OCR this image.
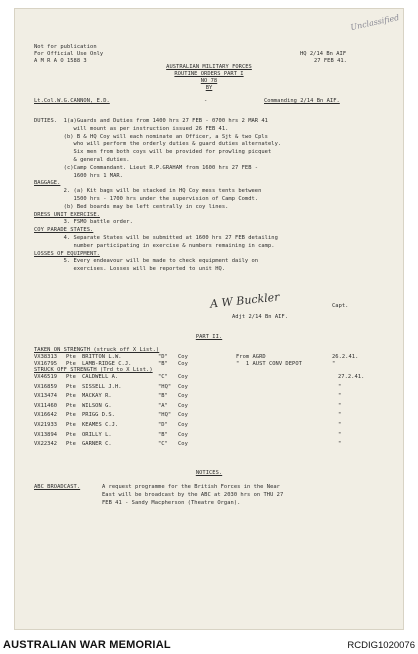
Unclassified
Not for publication
For Official Use Only
A M R A O 1588 3
HQ 2/14 Bn AIF
27 FEB 41.
AUSTRALIAN MILITARY FORCES
ROUTINE ORDERS PART I
NO 78
BY
Lt.Col.W.G.CANNON, E.D.	-	Commanding 2/14 Bn AIF.
DUTIES.  1(a)Guards and Duties from 1400 hrs 27 FEB - 0700 hrs 2 MAR 41
will mount as per instruction issued 26 FEB 41.
(b) B & HQ Coy will each nominate an Officer, a Sjt & two Cpls
who will perform the orderly duties & guard duties alternately.
Six men from both coys will be provided for prowling picquet
& general duties.
(c)Camp Commandant. Lieut R.P.GRAHAM from 1600 hrs 27 FEB -
1600 hrs 1 MAR.
BAGGAGE.
2. (a) Kit bags will be stacked in HQ Coy mess tents between
1500 hrs - 1700 hrs under the supervision of Camp Comdt.
(b) Bed boards may be left centrally in coy lines.
DRESS UNIT EXERCISE.
3. FSMO battle order.
COY PARADE STATES.
4. Separate States will be submitted at 1600 hrs 27 FEB detailing
number participating in exercise & numbers remaining in camp.
LOSSES OF EQUIPMENT.
5. Every endeavour will be made to check equipment daily on
exercises. Losses will be reported to unit HQ.
A W Buckler	Capt.
Adjt 2/14 Bn AIF.
PART II.
TAKEN ON STRENGTH (struck off X List.)
VX38313 Pte BRITTON L.W.	"D" Coy	From AGRD	26.2.41.
VX16795 Pte LAMB-RIDGE C.J.	"B" Coy	"  1 AUST CONV DEPOT	"
STRUCK OFF STRENGTH (Trd to X List.)
VX46519 Pte CALDWELL A.	"C" Coy	27.2.41.
VX16859 Pte SISSELL J.H.	"HQ" Coy	"
VX13474 Pte MACKAY R.	"B" Coy	"
VX11460 Pte WILSON G.	"A" Coy	"
VX16642 Pte PRIGG D.S.	"HQ" Coy	"
VX21933 Pte KEAMES C.J.	"D" Coy	"
VX13894 Pte ORILLY L.	"B" Coy	"
VX22342 Pte GARNER C.	"C" Coy	"
NOTICES.
ABC BROADCAST.	A request programme for the British Forces in the Near
East will be broadcast by the ABC at 2030 hrs on THU 27
FEB 41 - Sandy Macpherson (Theatre Organ).
AUSTRALIAN WAR MEMORIAL	RCDIG1020076
